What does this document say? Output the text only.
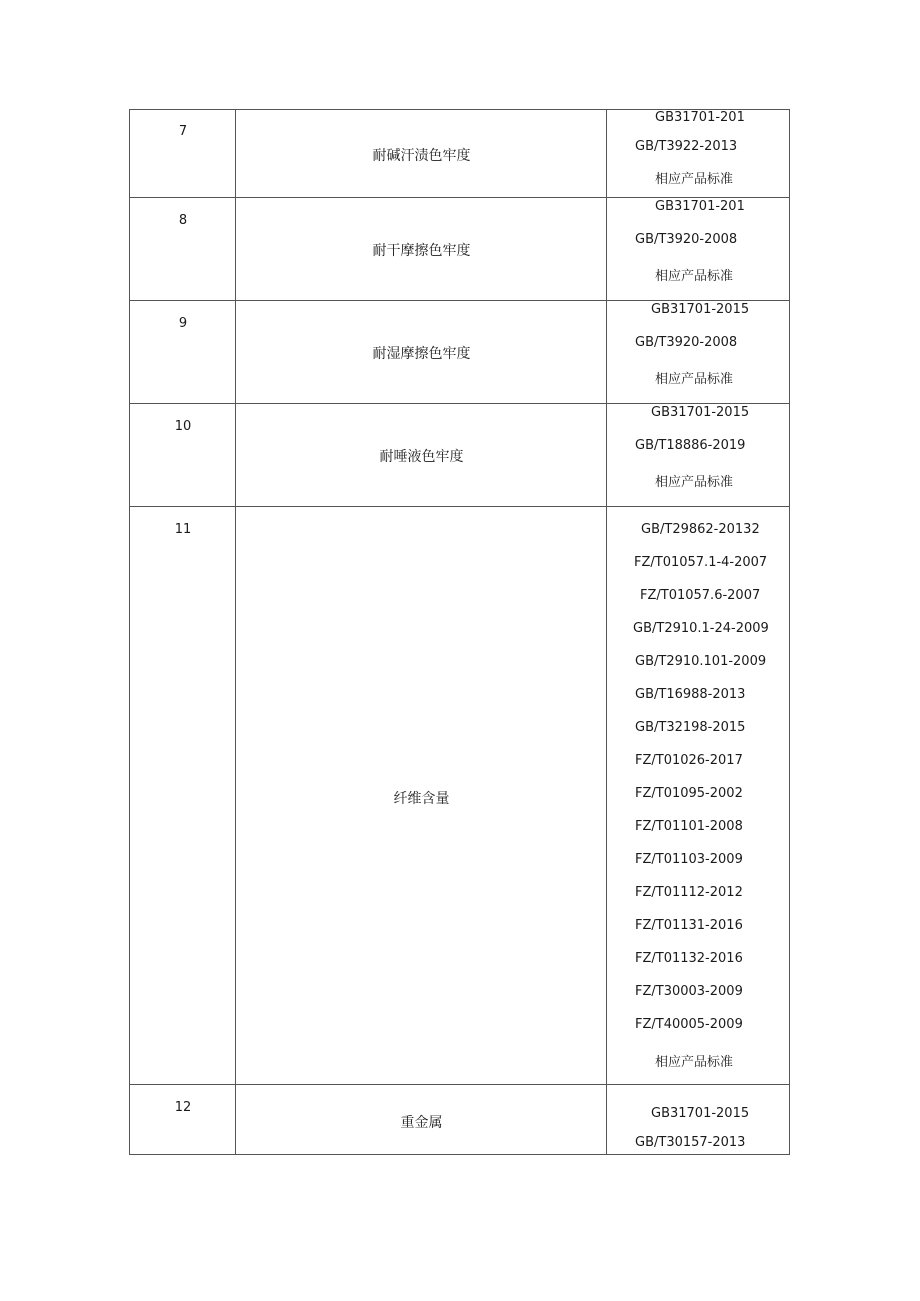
7
耐碱汗渍色牢度
GB31701-201
GB/T3922-2013
相应产品标准
8
耐干摩擦色牢度
GB31701-201
GB/T3920-2008
相应产品标准
9
耐湿摩擦色牢度
GB31701-2015
GB/T3920-2008
相应产品标准
10
耐唾液色牢度
GB31701-2015
GB/T18886-2019
相应产品标准
11
纤维含量
GB/T29862-20132
FZ/T01057.1-4-2007
FZ/T01057.6-2007
GB/T2910.1-24-2009
GB/T2910.101-2009
GB/T16988-2013
GB/T32198-2015
FZ/T01026-2017
FZ/T01095-2002
FZ/T01101-2008
FZ/T01103-2009
FZ/T01112-2012
FZ/T01131-2016
FZ/T01132-2016
FZ/T30003-2009
FZ/T40005-2009
相应产品标准
12
重金属
GB31701-2015
GB/T30157-2013
